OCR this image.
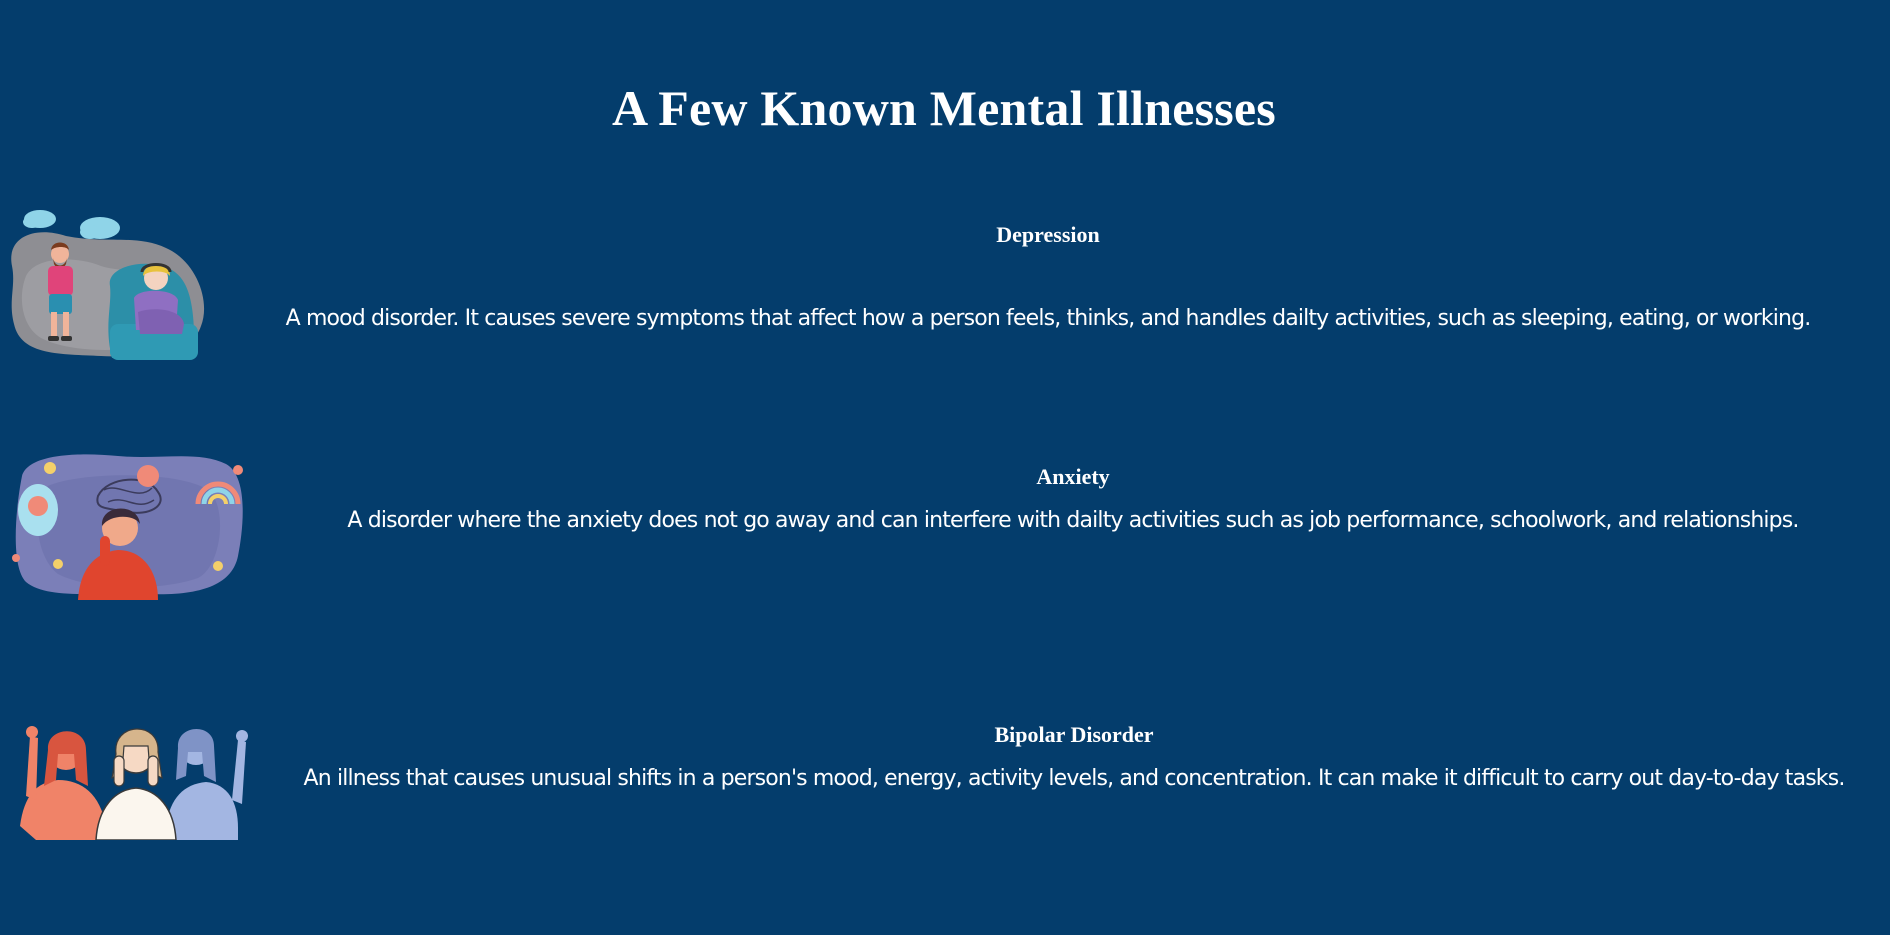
A Few Known Mental Illnesses
Depression

A mood disorder. It causes severe symptoms that affect how a person feels, thinks, and handles dailty activities, such as sleeping, eating, or working.

Anxiety

A disorder where the anxiety does not go away and can interfere with dailty activities such as job performance, schoolwork, and relationships.

Bipolar Disorder

An illness that causes unusual shifts in a person's mood, energy, activity levels, and concentration. It can make it difficult to carry out day-to-day tasks.
